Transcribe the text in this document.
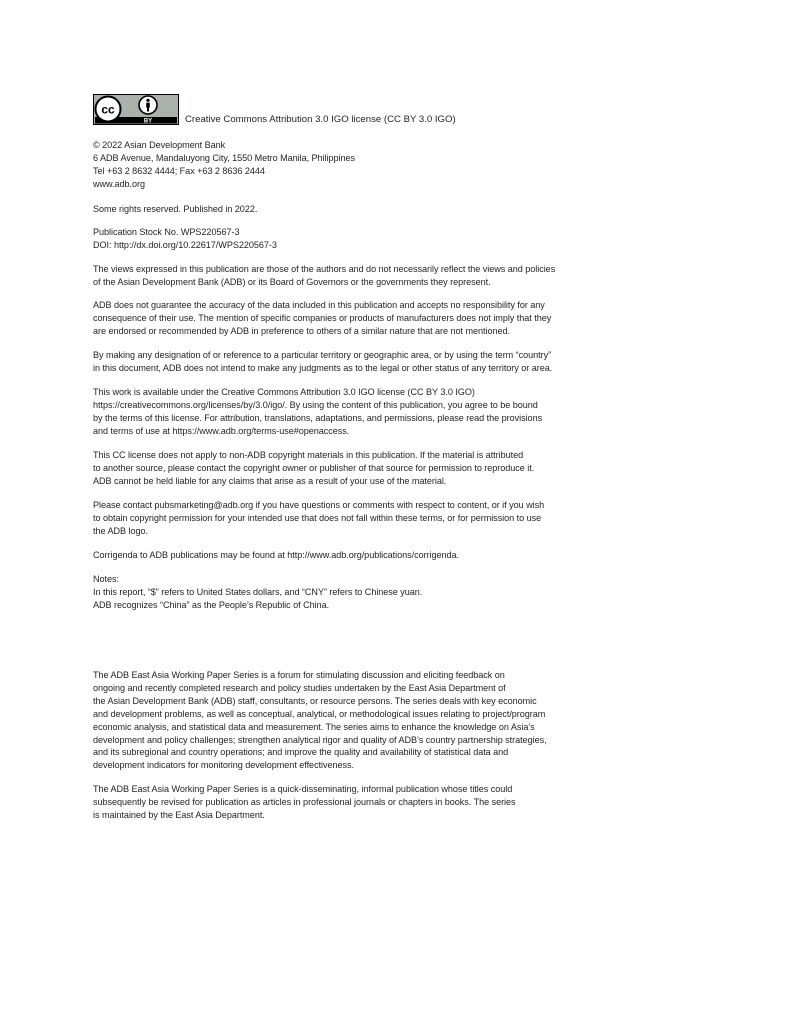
cc
BY	Creative Commons Attribution 3.0 IGO license (CC BY 3.0 IGO)
© 2022 Asian Development Bank
6 ADB Avenue, Mandaluyong City, 1550 Metro Manila, Philippines
Tel +63 2 8632 4444; Fax +63 2 8636 2444
www.adb.org
Some rights reserved. Published in 2022.
Publication Stock No. WPS220567-3
DOI: http://dx.doi.org/10.22617/WPS220567-3
The views expressed in this publication are those of the authors and do not necessarily reflect the views and policies
of the Asian Development Bank (ADB) or its Board of Governors or the governments they represent.
ADB does not guarantee the accuracy of the data included in this publication and accepts no responsibility for any
consequence of their use. The mention of specific companies or products of manufacturers does not imply that they
are endorsed or recommended by ADB in preference to others of a similar nature that are not mentioned.
By making any designation of or reference to a particular territory or geographic area, or by using the term “country”
in this document, ADB does not intend to make any judgments as to the legal or other status of any territory or area.
This work is available under the Creative Commons Attribution 3.0 IGO license (CC BY 3.0 IGO)
https://creativecommons.org/licenses/by/3.0/igo/. By using the content of this publication, you agree to be bound
by the terms of this license. For attribution, translations, adaptations, and permissions, please read the provisions
and terms of use at https://www.adb.org/terms-use#openaccess.
This CC license does not apply to non-ADB copyright materials in this publication. If the material is attributed
to another source, please contact the copyright owner or publisher of that source for permission to reproduce it.
ADB cannot be held liable for any claims that arise as a result of your use of the material.
Please contact pubsmarketing@adb.org if you have questions or comments with respect to content, or if you wish
to obtain copyright permission for your intended use that does not fall within these terms, or for permission to use
the ADB logo.
Corrigenda to ADB publications may be found at http://www.adb.org/publications/corrigenda.
Notes:
In this report, “$” refers to United States dollars, and “CNY” refers to Chinese yuan.
ADB recognizes “China” as the People’s Republic of China.
The ADB East Asia Working Paper Series is a forum for stimulating discussion and eliciting feedback on
ongoing and recently completed research and policy studies undertaken by the East Asia Department of
the Asian Development Bank (ADB) staff, consultants, or resource persons. The series deals with key economic
and development problems, as well as conceptual, analytical, or methodological issues relating to project/program
economic analysis, and statistical data and measurement. The series aims to enhance the knowledge on Asia’s
development and policy challenges; strengthen analytical rigor and quality of ADB’s country partnership strategies,
and its subregional and country operations; and improve the quality and availability of statistical data and
development indicators for monitoring development effectiveness.
The ADB East Asia Working Paper Series is a quick-disseminating, informal publication whose titles could
subsequently be revised for publication as articles in professional journals or chapters in books. The series
is maintained by the East Asia Department.
